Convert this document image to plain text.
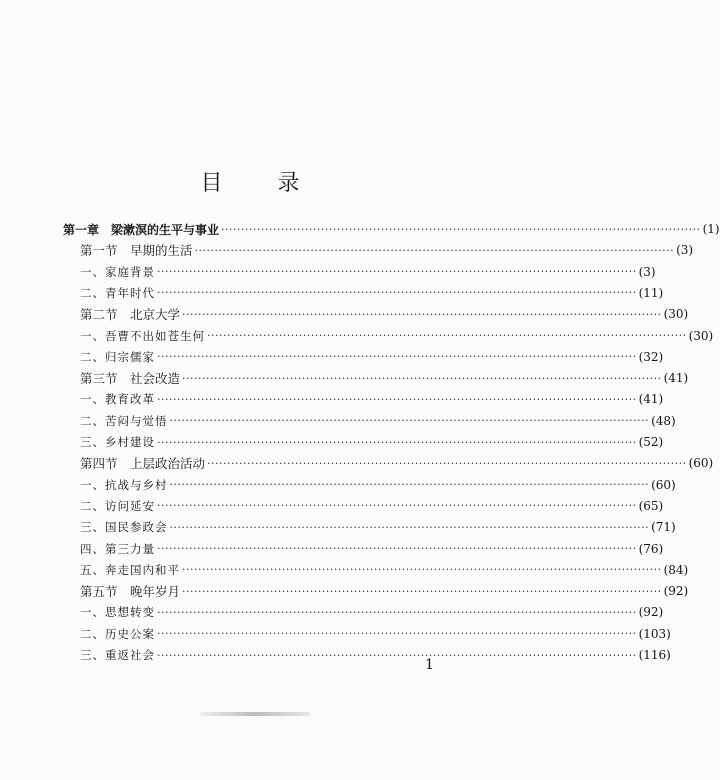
目 录
第一章　梁漱溟的生平与事业 ························································································································ (1)
第一节　早期的生活 ························································································································ (3)
一、家庭背景 ························································································································ (3)
二、青年时代 ························································································································ (11)
第二节　北京大学 ························································································································ (30)
一、吾曹不出如苍生何 ························································································································ (30)
二、归宗儒家 ························································································································ (32)
第三节　社会改造 ························································································································ (41)
一、教育改革 ························································································································ (41)
二、苦闷与觉悟 ························································································································ (48)
三、乡村建设 ························································································································ (52)
第四节　上层政治活动 ························································································································ (60)
一、抗战与乡村 ························································································································ (60)
二、访问延安 ························································································································ (65)
三、国民参政会 ························································································································ (71)
四、第三力量 ························································································································ (76)
五、奔走国内和平 ························································································································ (84)
第五节　晚年岁月 ························································································································ (92)
一、思想转变 ························································································································ (92)
二、历史公案 ························································································································ (103)
三、重返社会 ························································································································ (116)
1
